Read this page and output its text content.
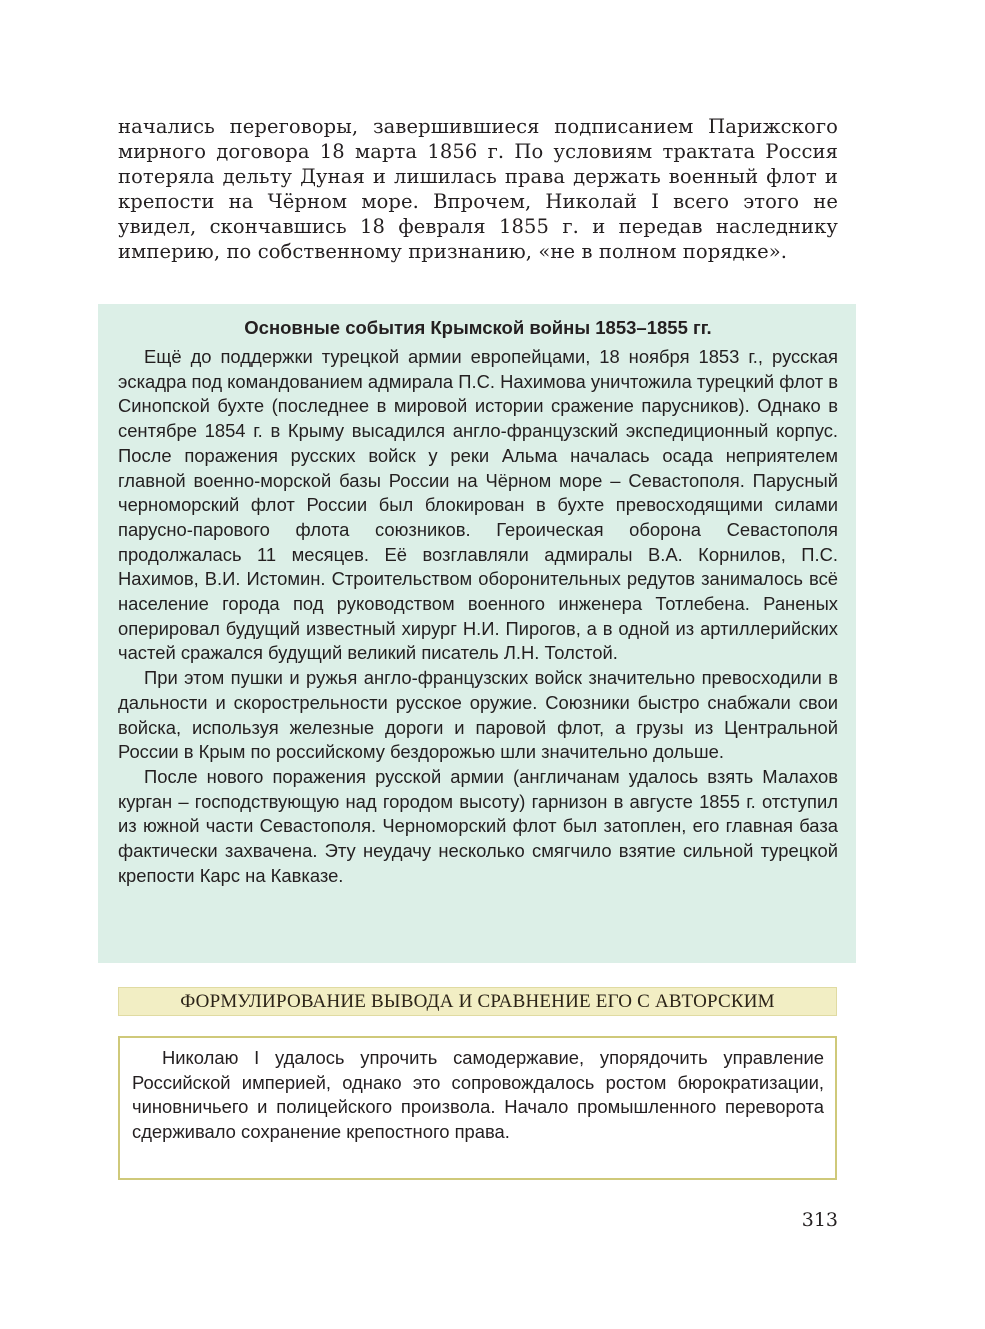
начались переговоры, завершившиеся подписанием Парижского мирного договора 18 марта 1856 г. По условиям трактата Россия потеряла дельту Дуная и лишилась права держать военный флот и крепости на Чёрном море. Впрочем, Николай I всего этого не увидел, скончавшись 18 февраля 1855 г. и передав наследнику империю, по собственному признанию, «не в полном порядке».

Основные события Крымской войны 1853–1855 гг.

Ещё до поддержки турецкой армии европейцами, 18 ноября 1853 г., русская эскадра под командованием адмирала П.С. Нахимова уничтожила турецкий флот в Синопской бухте (последнее в мировой истории сражение парусников). Однако в сентябре 1854 г. в Крыму высадился англо-французский экспедиционный корпус. После поражения русских войск у реки Альма началась осада неприятелем главной военно-морской базы России на Чёрном море – Севастополя. Парусный черноморский флот России был блокирован в бухте превосходящими силами парусно-парового флота союзников. Героическая оборона Севастополя продолжалась 11 месяцев. Её возглавляли адмиралы В.А. Корнилов, П.С. Нахимов, В.И. Истомин. Строительством оборонительных редутов занималось всё население города под руководством военного инженера Тотлебена. Раненых оперировал будущий известный хирург Н.И. Пирогов, а в одной из артиллерийских частей сражался будущий великий писатель Л.Н. Толстой.

При этом пушки и ружья англо-французских войск значительно превосходили в дальности и скорострельности русское оружие. Союзники быстро снабжали свои войска, используя железные дороги и паровой флот, а грузы из Центральной России в Крым по российскому бездорожью шли значительно дольше.

После нового поражения русской армии (англичанам удалось взять Малахов курган – господствующую над городом высоту) гарнизон в августе 1855 г. отступил из южной части Севастополя. Черноморский флот был затоплен, его главная база фактически захвачена. Эту неудачу несколько смягчило взятие сильной турецкой крепости Карс на Кавказе.

ФОРМУЛИРОВАНИЕ ВЫВОДА И СРАВНЕНИЕ ЕГО С АВТОРСКИМ

Николаю I удалось упрочить самодержавие, упорядочить управление Российской империей, однако это сопровождалось ростом бюрократизации, чиновничьего и полицейского произвола. Начало промышленного переворота сдерживало сохранение крепостного права.

313
